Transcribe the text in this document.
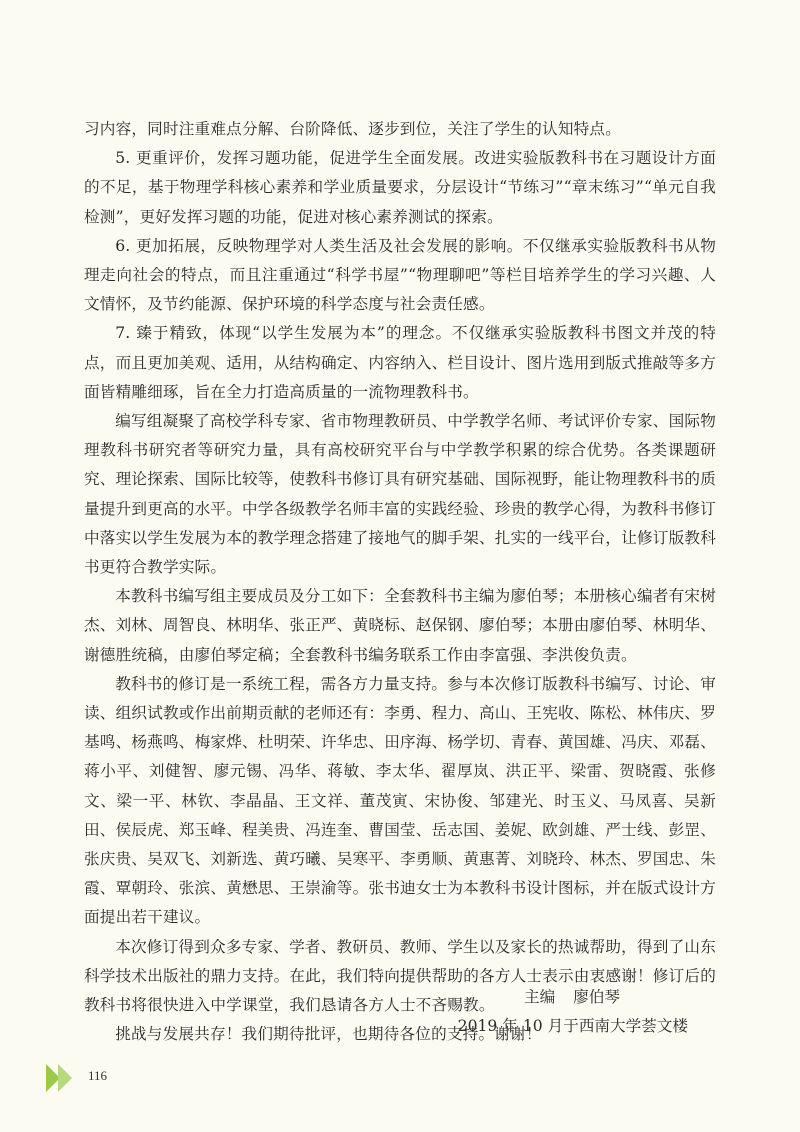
习内容，同时注重难点分解、台阶降低、逐步到位，关注了学生的认知特点。

5. 更重评价，发挥习题功能，促进学生全面发展。改进实验版教科书在习题设计方面的不足，基于物理学科核心素养和学业质量要求，分层设计“节练习”“章末练习”“单元自我检测”，更好发挥习题的功能，促进对核心素养测试的探索。

6. 更加拓展，反映物理学对人类生活及社会发展的影响。不仅继承实验版教科书从物理走向社会的特点，而且注重通过“科学书屋”“物理聊吧”等栏目培养学生的学习兴趣、人文情怀，及节约能源、保护环境的科学态度与社会责任感。

7. 臻于精致，体现“以学生发展为本”的理念。不仅继承实验版教科书图文并茂的特点，而且更加美观、适用，从结构确定、内容纳入、栏目设计、图片选用到版式推敲等多方面皆精雕细琢，旨在全力打造高质量的一流物理教科书。

编写组凝聚了高校学科专家、省市物理教研员、中学教学名师、考试评价专家、国际物理教科书研究者等研究力量，具有高校研究平台与中学教学积累的综合优势。各类课题研究、理论探索、国际比较等，使教科书修订具有研究基础、国际视野，能让物理教科书的质量提升到更高的水平。中学各级教学名师丰富的实践经验、珍贵的教学心得，为教科书修订中落实以学生发展为本的教学理念搭建了接地气的脚手架、扎实的一线平台，让修订版教科书更符合教学实际。

本教科书编写组主要成员及分工如下：全套教科书主编为廖伯琴；本册核心编者有宋树杰、刘林、周智良、林明华、张正严、黄晓标、赵保钢、廖伯琴；本册由廖伯琴、林明华、谢德胜统稿，由廖伯琴定稿；全套教科书编务联系工作由李富强、李洪俊负责。

教科书的修订是一系统工程，需各方力量支持。参与本次修订版教科书编写、讨论、审读、组织试教或作出前期贡献的老师还有：李勇、程力、高山、王宪收、陈松、林伟庆、罗基鸣、杨燕鸣、梅家烨、杜明荣、许华忠、田序海、杨学切、青春、黄国雄、冯庆、邓磊、蒋小平、刘健智、廖元锡、冯华、蒋敏、李太华、翟厚岚、洪正平、梁雷、贺晓霞、张修文、梁一平、林钦、李晶晶、王文祥、董茂寅、宋协俊、邹建光、时玉义、马凤喜、吴新田、侯辰虎、郑玉峰、程美贵、冯连奎、曹国莹、岳志国、姜妮、欧剑雄、严士线、彭罡、张庆贵、吴双飞、刘新选、黄巧曦、吴寒平、李勇顺、黄惠菁、刘晓玲、林杰、罗国忠、朱霞、覃朝玲、张滨、黄懋思、王崇渝等。张书迪女士为本教科书设计图标，并在版式设计方面提出若干建议。

本次修订得到众多专家、学者、教研员、教师、学生以及家长的热诚帮助，得到了山东科学技术出版社的鼎力支持。在此，我们特向提供帮助的各方人士表示由衷感谢！修订后的教科书将很快进入中学课堂，我们恳请各方人士不吝赐教。

挑战与发展共存！我们期待批评，也期待各位的支持。谢谢！

主编 廖伯琴
2019 年 10 月于西南大学荟文楼
116
